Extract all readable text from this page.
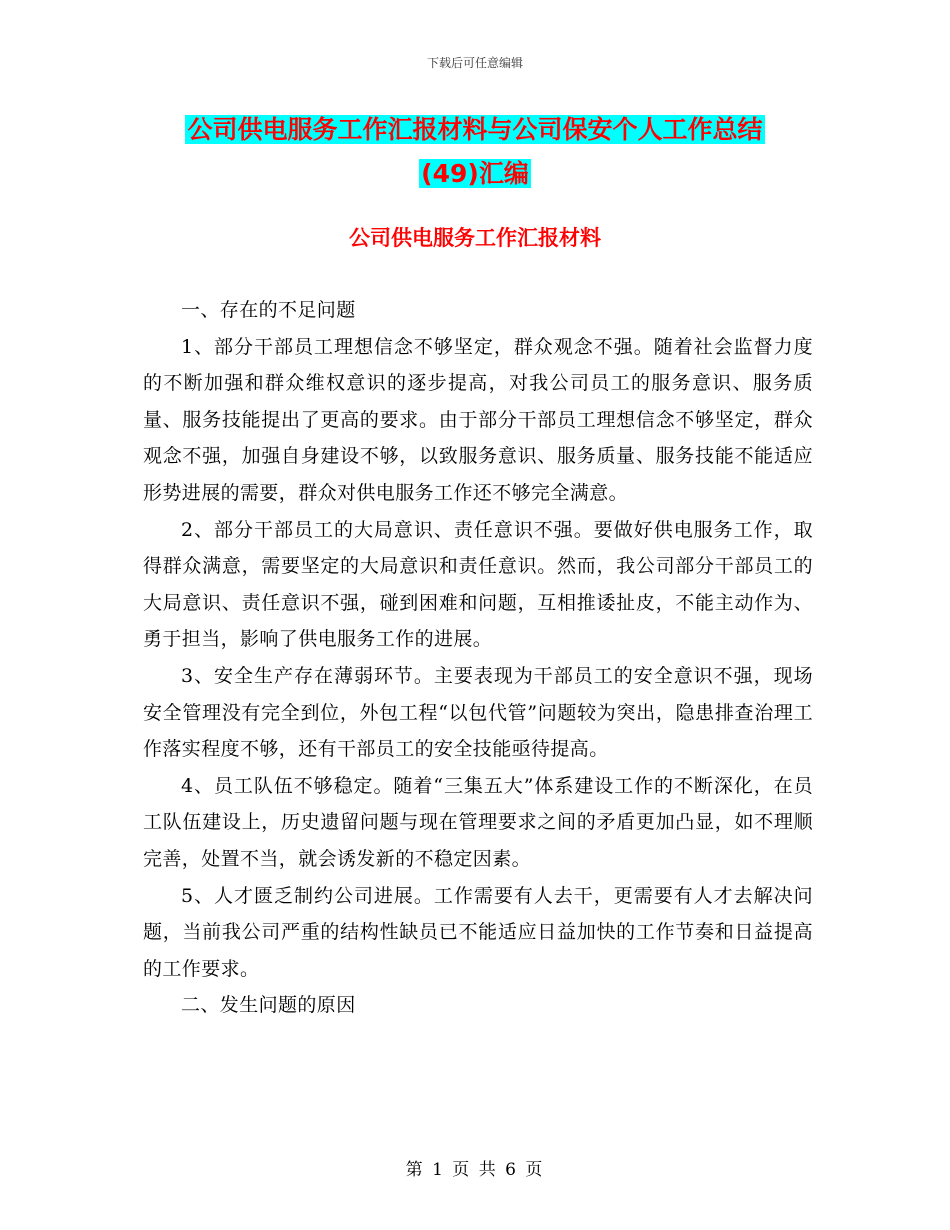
下载后可任意编辑
公司供电服务工作汇报材料与公司保安个人工作总结
(49)汇编
公司供电服务工作汇报材料

一、存在的不足问题

1、部分干部员工理想信念不够坚定，群众观念不强。随着社会监督力度的不断加强和群众维权意识的逐步提高，对我公司员工的服务意识、服务质量、服务技能提出了更高的要求。由于部分干部员工理想信念不够坚定，群众观念不强，加强自身建设不够，以致服务意识、服务质量、服务技能不能适应形势进展的需要，群众对供电服务工作还不够完全满意。

2、部分干部员工的大局意识、责任意识不强。要做好供电服务工作，取得群众满意，需要坚定的大局意识和责任意识。然而，我公司部分干部员工的大局意识、责任意识不强，碰到困难和问题，互相推诿扯皮，不能主动作为、勇于担当，影响了供电服务工作的进展。

3、安全生产存在薄弱环节。主要表现为干部员工的安全意识不强，现场安全管理没有完全到位，外包工程“以包代管”问题较为突出，隐患排查治理工作落实程度不够，还有干部员工的安全技能亟待提高。

4、员工队伍不够稳定。随着“三集五大”体系建设工作的不断深化，在员工队伍建设上，历史遗留问题与现在管理要求之间的矛盾更加凸显，如不理顺完善，处置不当，就会诱发新的不稳定因素。

5、人才匮乏制约公司进展。工作需要有人去干，更需要有人才去解决问题，当前我公司严重的结构性缺员已不能适应日益加快的工作节奏和日益提高的工作要求。

二、发生问题的原因

第 1 页 共 6 页
